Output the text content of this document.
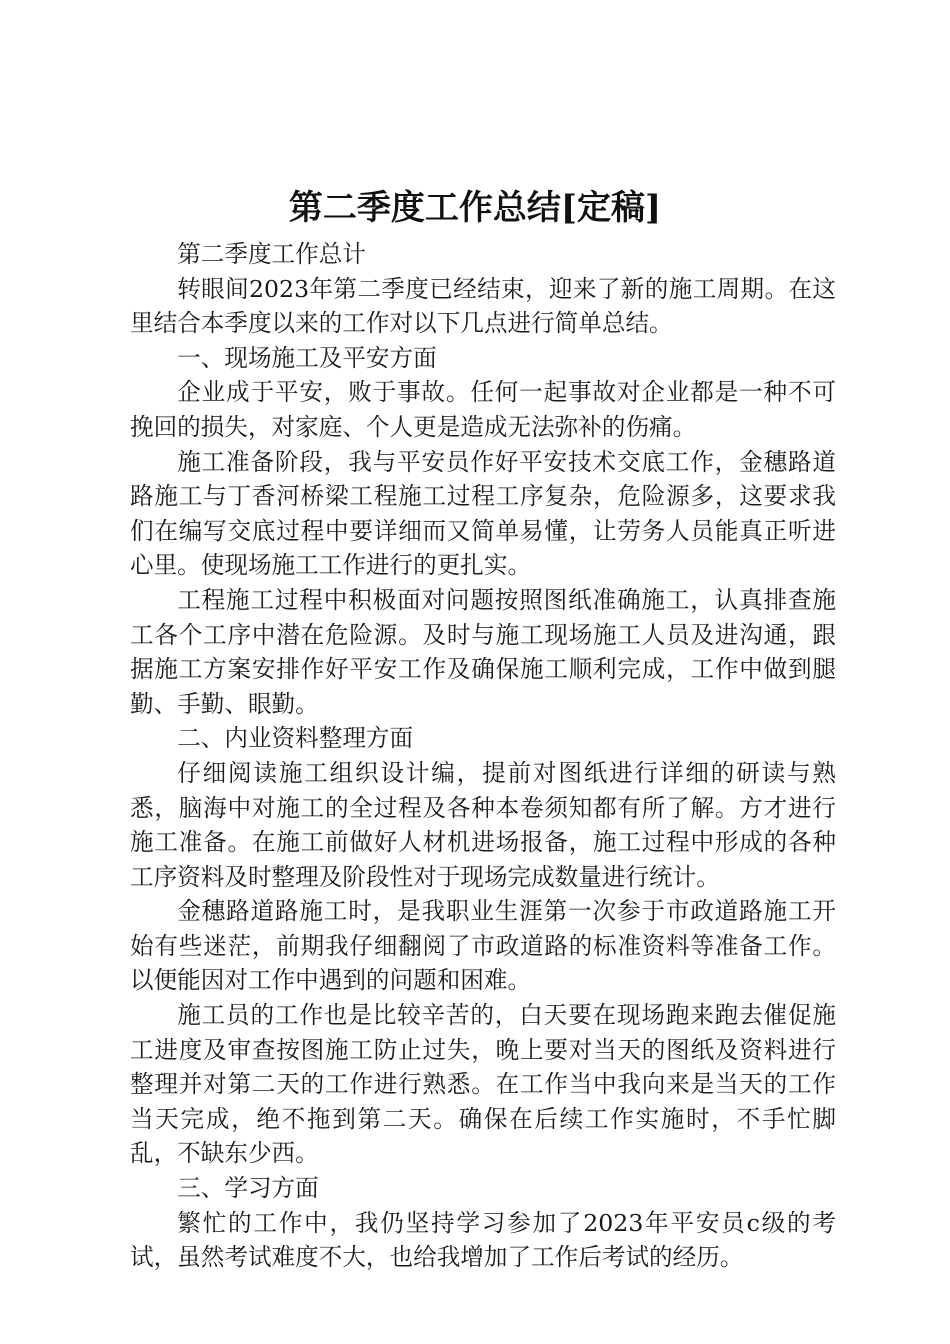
第二季度工作总结[定稿]

第二季度工作总计

转眼间2023年第二季度已经结束，迎来了新的施工周期。在这里结合本季度以来的工作对以下几点进行简单总结。

一、现场施工及平安方面

企业成于平安，败于事故。任何一起事故对企业都是一种不可挽回的损失，对家庭、个人更是造成无法弥补的伤痛。

施工准备阶段，我与平安员作好平安技术交底工作，金穗路道路施工与丁香河桥梁工程施工过程工序复杂，危险源多，这要求我们在编写交底过程中要详细而又简单易懂，让劳务人员能真正听进心里。使现场施工工作进行的更扎实。

工程施工过程中积极面对问题按照图纸准确施工，认真排查施工各个工序中潜在危险源。及时与施工现场施工人员及进沟通，跟据施工方案安排作好平安工作及确保施工顺利完成，工作中做到腿勤、手勤、眼勤。

二、内业资料整理方面

仔细阅读施工组织设计编，提前对图纸进行详细的研读与熟悉，脑海中对施工的全过程及各种本卷须知都有所了解。方才进行施工准备。在施工前做好人材机进场报备，施工过程中形成的各种工序资料及时整理及阶段性对于现场完成数量进行统计。

金穗路道路施工时，是我职业生涯第一次参于市政道路施工开始有些迷茫，前期我仔细翻阅了市政道路的标准资料等准备工作。以便能因对工作中遇到的问题和困难。

施工员的工作也是比较辛苦的，白天要在现场跑来跑去催促施工进度及审查按图施工防止过失，晚上要对当天的图纸及资料进行整理并对第二天的工作进行熟悉。在工作当中我向来是当天的工作当天完成，绝不拖到第二天。确保在后续工作实施时，不手忙脚乱，不缺东少西。

三、学习方面

繁忙的工作中，我仍坚持学习参加了2023年平安员c级的考试，虽然考试难度不大，也给我增加了工作后考试的经历。
